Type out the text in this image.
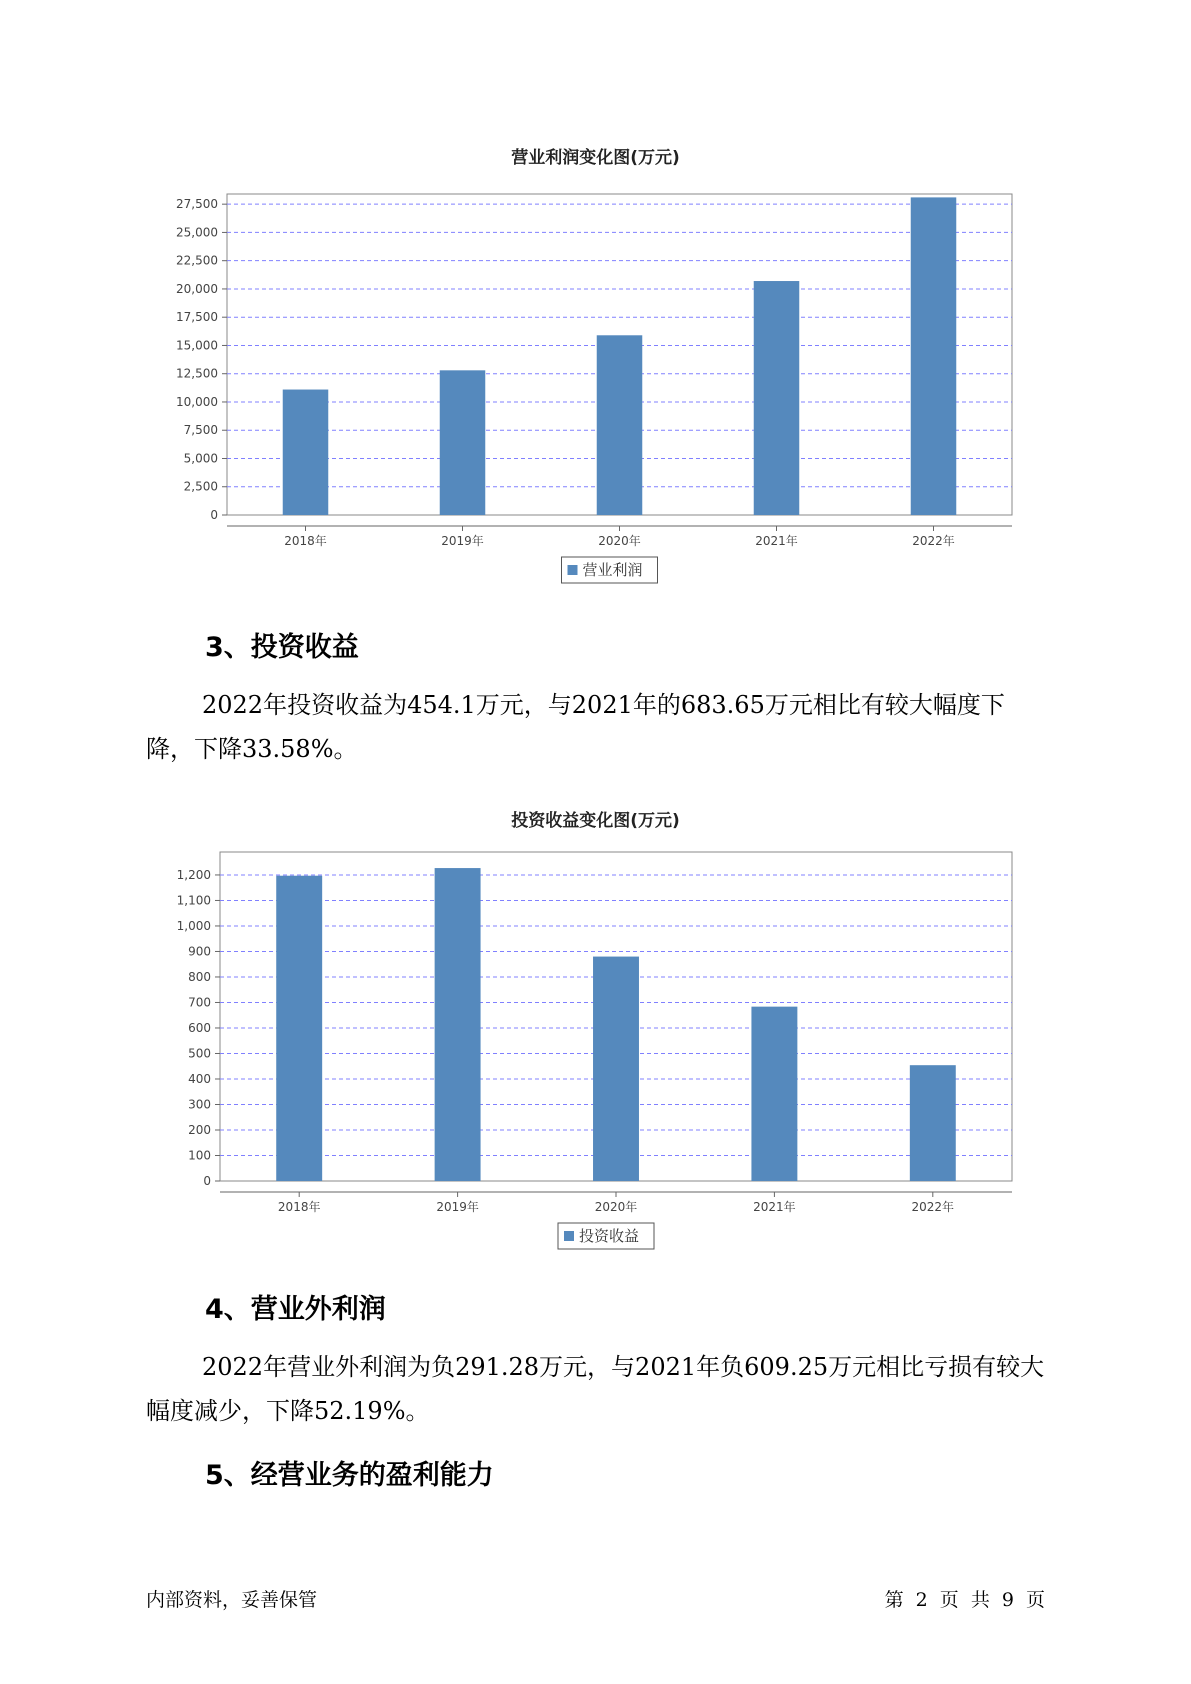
营业利润变化图(万元)
0
2,500
5,000
7,500
10,000
12,500
15,000
17,500
20,000
22,500
25,000
27,500
2018年	2019年	2020年	2021年	2022年
营业利润
3、投资收益
2022年投资收益为454.1万元，与2021年的683.65万元相比有较大幅度下降，下降33.58%。
投资收益变化图(万元)
0
100
200
300
400
500
600
700
800
900
1,000
1,100
1,200
2018年	2019年	2020年	2021年	2022年
投资收益
4、营业外利润
2022年营业外利润为负291.28万元，与2021年负609.25万元相比亏损有较大幅度减少，下降52.19%。
5、经营业务的盈利能力
内部资料，妥善保管	第 2 页 共 9 页
